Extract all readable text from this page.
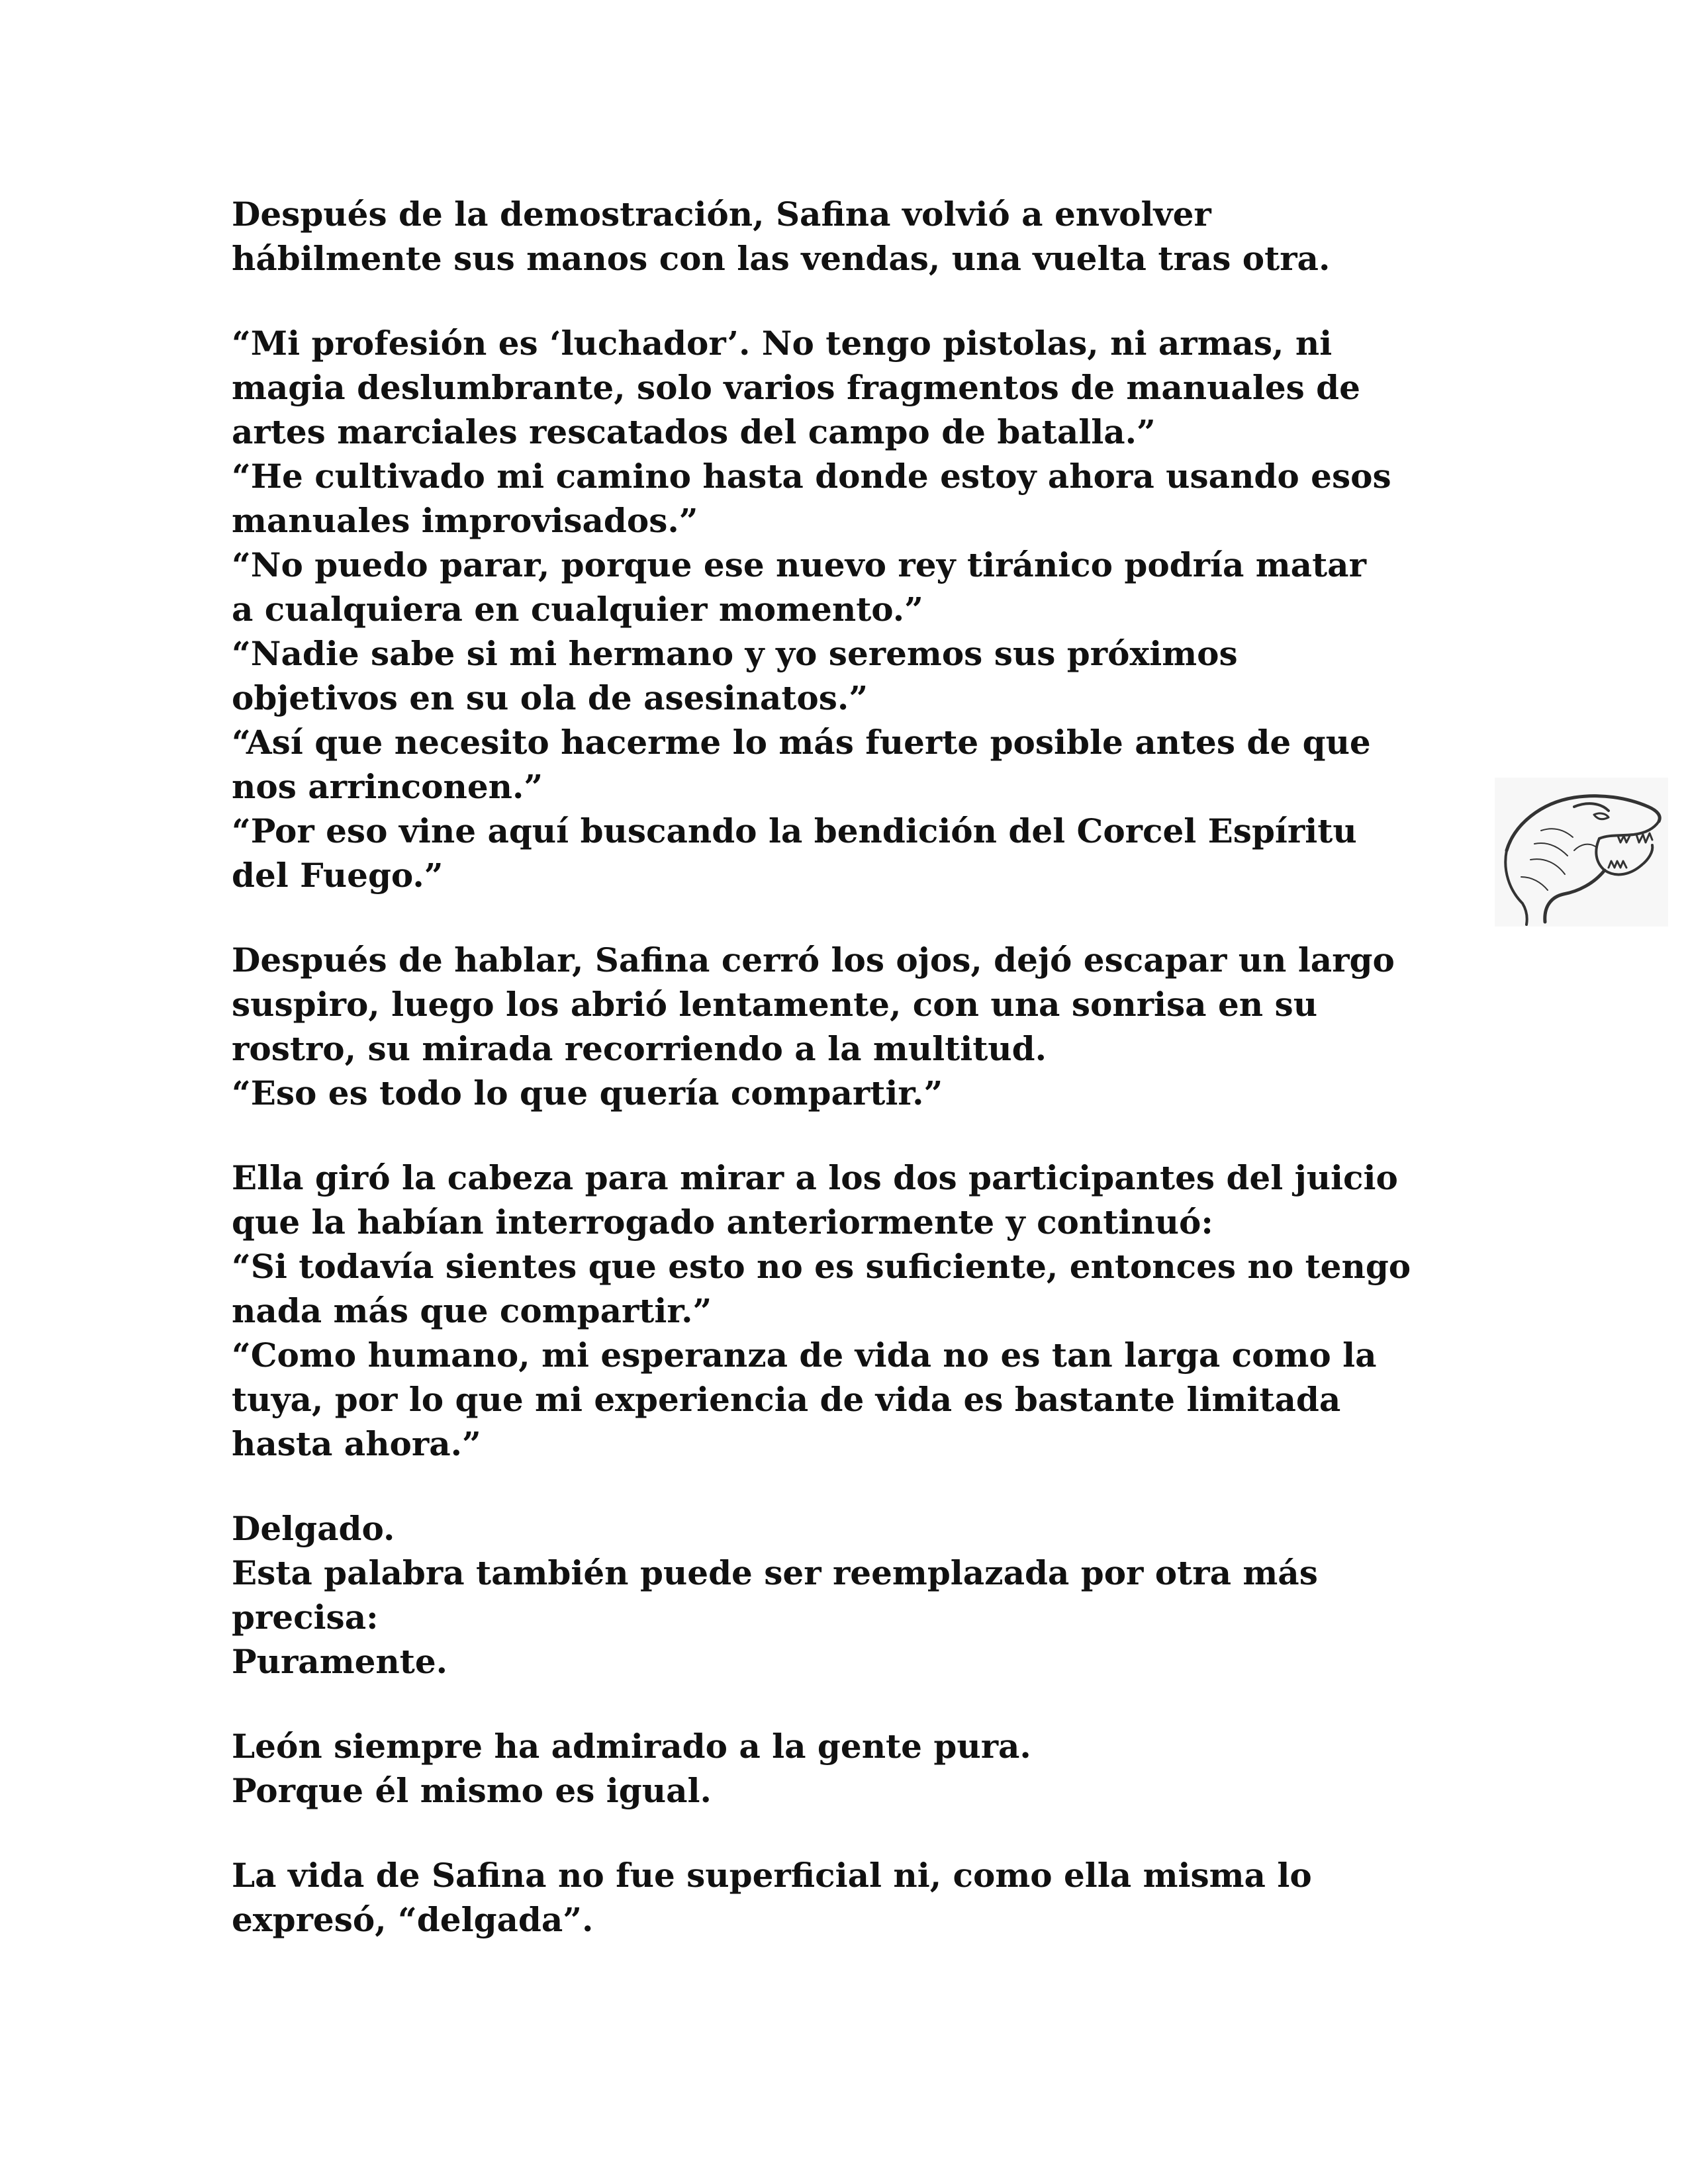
Después de la demostración, Safina volvió a envolver
hábilmente sus manos con las vendas, una vuelta tras otra.

“Mi profesión es ‘luchador’. No tengo pistolas, ni armas, ni
magia deslumbrante, solo varios fragmentos de manuales de
artes marciales rescatados del campo de batalla.”
“He cultivado mi camino hasta donde estoy ahora usando esos
manuales improvisados.”
“No puedo parar, porque ese nuevo rey tiránico podría matar
a cualquiera en cualquier momento.”
“Nadie sabe si mi hermano y yo seremos sus próximos
objetivos en su ola de asesinatos.”
“Así que necesito hacerme lo más fuerte posible antes de que
nos arrinconen.”
“Por eso vine aquí buscando la bendición del Corcel Espíritu
del Fuego.”

Después de hablar, Safina cerró los ojos, dejó escapar un largo
suspiro, luego los abrió lentamente, con una sonrisa en su
rostro, su mirada recorriendo a la multitud.
“Eso es todo lo que quería compartir.”

Ella giró la cabeza para mirar a los dos participantes del juicio
que la habían interrogado anteriormente y continuó:
“Si todavía sientes que esto no es suficiente, entonces no tengo
nada más que compartir.”
“Como humano, mi esperanza de vida no es tan larga como la
tuya, por lo que mi experiencia de vida es bastante limitada
hasta ahora.”

Delgado.
Esta palabra también puede ser reemplazada por otra más
precisa:
Puramente.

León siempre ha admirado a la gente pura.
Porque él mismo es igual.

La vida de Safina no fue superficial ni, como ella misma lo
expresó, “delgada”.
